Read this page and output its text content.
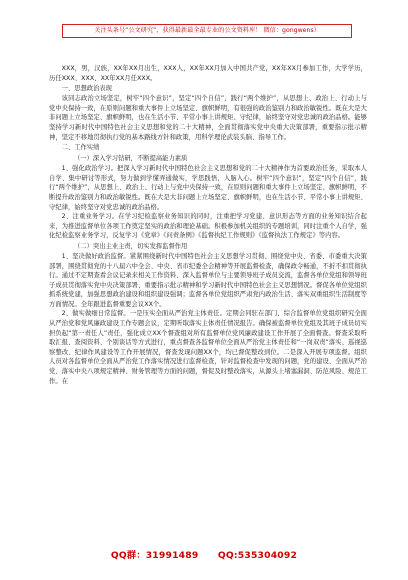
关注头条号“公文研究”，获得最新最全最专业的公文资料库！ 微信：gongwens）

XXX，男，汉族，XX年XX月出生，XXX人，XX年XX月加入中国共产党，XX年XX月参加工作，大学学历，历任XXX、XXX、XX年XX月任XXX。

一、思想政治表现

该同志政治立场坚定，树牢“四个意识”，坚定“四个自信”，践行“两个维护”，从思想上、政治上、行动上与党中央保持一致，在原则问题和重大事件上立场坚定、旗帜鲜明，有很强的政治鉴别力和政治敏锐性。既在大是大非问题上立场坚定、旗帜鲜明，也在生活小节、平常小事上讲规矩、守纪律，始终坚守对党忠诚的政治品格。能够坚持学习新时代中国特色社会主义思想和党的二十大精神，全面贯彻落实党中央重大决策部署，重要指示批示精神，坚定不移地贯彻执行党的基本路线方针和政策，用科学理论武装头脑、指导工作。

二、工作实绩

（一）深入学习钻研，不断提高能力素质

1、强化政治学习。把深入学习新时代中国特色社会主义思想和党的二十大精神作为首要政治任务，采取本人自学、集中研讨等形式，努力做到学懂弄通做实，学思践悟，入脑入心。树牢“四个意识”，坚定“四个自信”，践行“两个维护”，从思想上、政治上、行动上与党中央保持一致，在原则问题和重大事件上立场坚定、旗帜鲜明，不断提升政治鉴别力和政治敏锐性。既在大是大非问题上立场坚定、旗帜鲜明，也在生活小节、平常小事上讲规矩、守纪律，始终坚守对党忠诚的政治品格。

2、注重业务学习。在学习纪检监察业务知识的同时，注重把学习党建、意识形态等方面的业务知识结合起来，为推进监督单位各项工作奠定坚实的政治和理论基础。积极参加机关组织的专题培训，同时注重个人自学，强化纪检监察业务学习，反复学习《党章》《问责条例》《监督执纪工作规则》《监督执法工作规定》等内容。

（二）突出主业主责，切实发挥监督作用

1、坚决做好政治监督。紧紧围绕新时代中国特色社会主义思想学习贯彻、围绕党中央、省委、市委重大决策部署，围绕贯彻党的十八届六中全会、中央、省市纪委全会精神等开展监督检查，确保政令畅通，不折不扣贯彻执行。通过不定期查看会议记录来相关工作资料、深入监督单位与主要领导班子成员交流，监督各单位党组和领导班子成员贯彻落实党中央决策部署、重要指示批示精神和学习新时代中国特色社会主义思想情况。督促各单位党组织抓系统党建，加强思想政治建设和组织建设强调；监督各单位党组织严肃党内政治生活、落实双重组织生活制度等方面情况。全年跟进监督重要会议XX个。

2、做实做细日常监督。一是压实全面从严治党主体责任。定期会同驻在部门、综合监督单位党组织研究全面从严治党和党风廉政建设工作专题会议，定期听取落实主体责任情况报告。确保被监督单位党组及其班子成员切实担负起“第一责任人”责任，强化成立XX个督查组对所有监督单位党风廉政建设工作开展了全面督查。督查采取听取汇报、查阅资料、个别谈话等方式进行，重点督查各监督单位全面从严治党主体责任和“一岗双责”落实、巡视巡察整改、纪律作风建设等工作开展情况，督查发现问题XX个，均已督促整改到位。二是深入开展专项监督。组织人员对各监督单位全面从严治党工作落实情况进行监督检查，针对监督检查中发现的问题，党的建设、全面从严治党、落实中央八项规定精神、财务管理等方面的问题，督促及时整改落实，从源头上堵塞漏洞、防范风险、规范工作。在

QQ群：31991489 QQ:535304092
